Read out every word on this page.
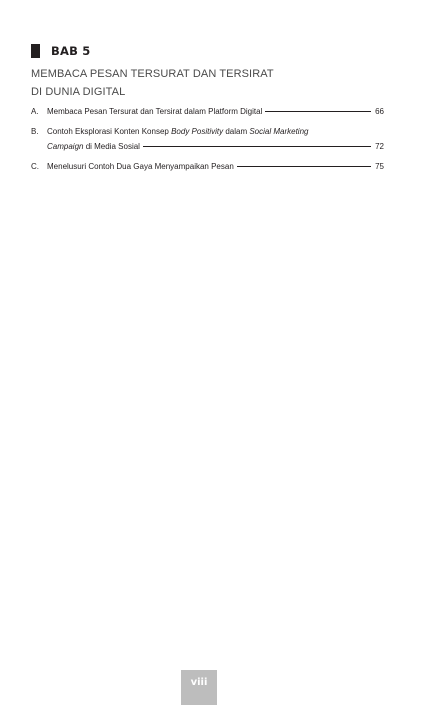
BAB 5
MEMBACA PESAN TERSURAT DAN TERSIRAT
DI DUNIA DIGITAL
A.	Membaca Pesan Tersurat dan Tersirat dalam Platform Digital	66
B.	Contoh Eksplorasi Konten Konsep Body Positivity dalam Social Marketing
Campaign di Media Sosial	72
C.	Menelusuri Contoh Dua Gaya Menyampaikan Pesan	75
viii
